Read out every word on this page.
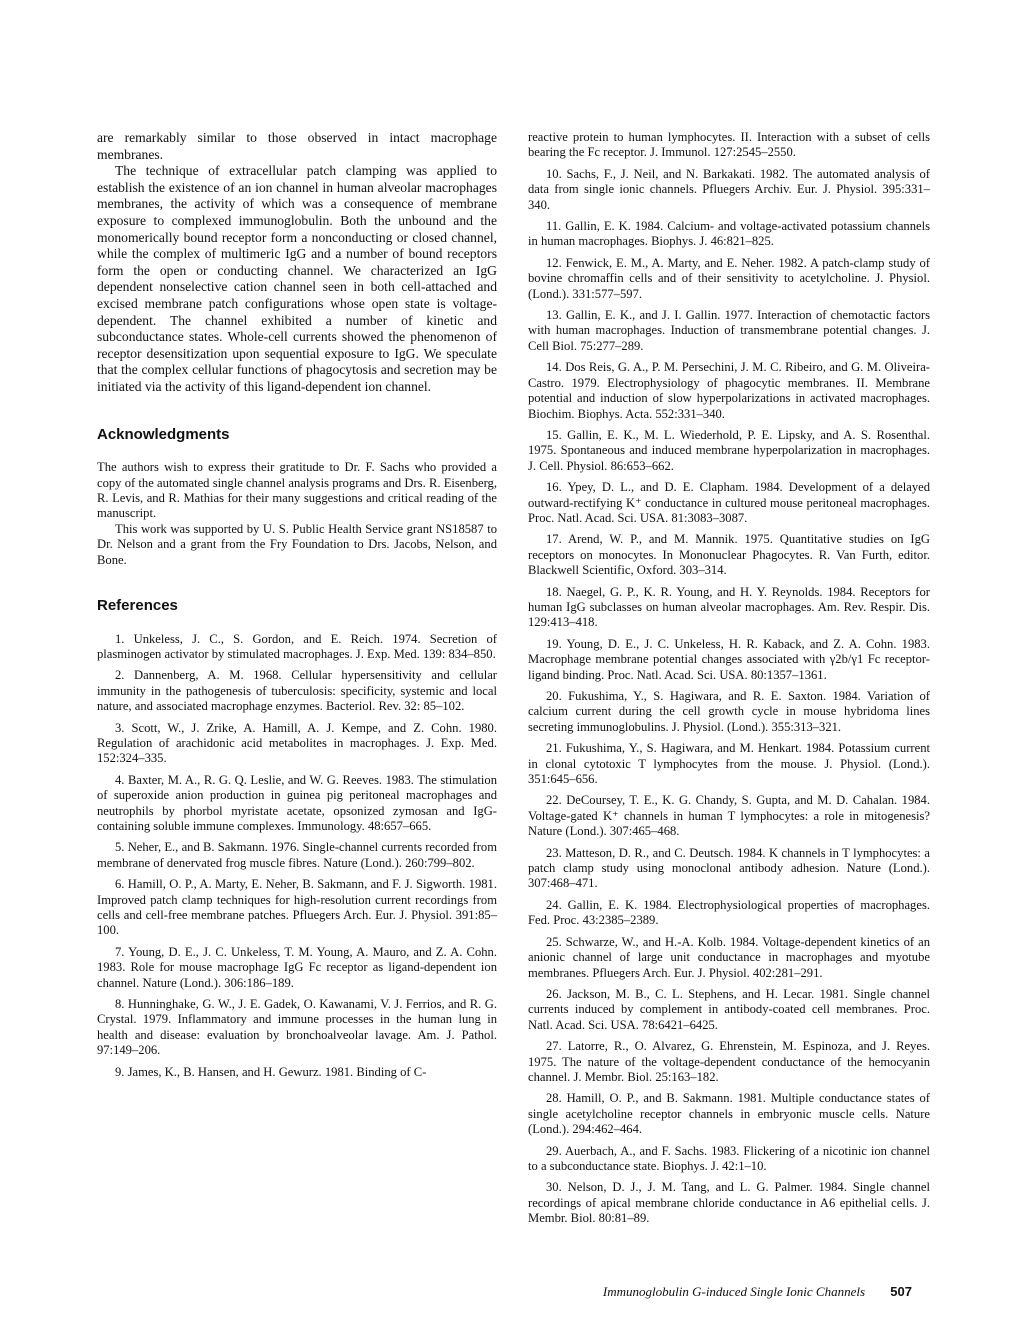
are remarkably similar to those observed in intact macrophage membranes.

The technique of extracellular patch clamping was applied to establish the existence of an ion channel in human alveolar macrophages membranes, the activity of which was a consequence of membrane exposure to complexed immunoglobulin. Both the unbound and the monomerically bound receptor form a nonconducting or closed channel, while the complex of multimeric IgG and a number of bound receptors form the open or conducting channel. We characterized an IgG dependent nonselective cation channel seen in both cell-attached and excised membrane patch configurations whose open state is voltage-dependent. The channel exhibited a number of kinetic and subconductance states. Whole-cell currents showed the phenomenon of receptor desensitization upon sequential exposure to IgG. We speculate that the complex cellular functions of phagocytosis and secretion may be initiated via the activity of this ligand-dependent ion channel.

Acknowledgments

The authors wish to express their gratitude to Dr. F. Sachs who provided a copy of the automated single channel analysis programs and Drs. R. Eisenberg, R. Levis, and R. Mathias for their many suggestions and critical reading of the manuscript.

This work was supported by U. S. Public Health Service grant NS18587 to Dr. Nelson and a grant from the Fry Foundation to Drs. Jacobs, Nelson, and Bone.

References

1. Unkeless, J. C., S. Gordon, and E. Reich. 1974. Secretion of plasminogen activator by stimulated macrophages. J. Exp. Med. 139: 834–850.

2. Dannenberg, A. M. 1968. Cellular hypersensitivity and cellular immunity in the pathogenesis of tuberculosis: specificity, systemic and local nature, and associated macrophage enzymes. Bacteriol. Rev. 32: 85–102.

3. Scott, W., J. Zrike, A. Hamill, A. J. Kempe, and Z. Cohn. 1980. Regulation of arachidonic acid metabolites in macrophages. J. Exp. Med. 152:324–335.

4. Baxter, M. A., R. G. Q. Leslie, and W. G. Reeves. 1983. The stimulation of superoxide anion production in guinea pig peritoneal macrophages and neutrophils by phorbol myristate acetate, opsonized zymosan and IgG-containing soluble immune complexes. Immunology. 48:657–665.

5. Neher, E., and B. Sakmann. 1976. Single-channel currents recorded from membrane of denervated frog muscle fibres. Nature (Lond.). 260:799–802.

6. Hamill, O. P., A. Marty, E. Neher, B. Sakmann, and F. J. Sigworth. 1981. Improved patch clamp techniques for high-resolution current recordings from cells and cell-free membrane patches. Pfluegers Arch. Eur. J. Physiol. 391:85–100.

7. Young, D. E., J. C. Unkeless, T. M. Young, A. Mauro, and Z. A. Cohn. 1983. Role for mouse macrophage IgG Fc receptor as ligand-dependent ion channel. Nature (Lond.). 306:186–189.

8. Hunninghake, G. W., J. E. Gadek, O. Kawanami, V. J. Ferrios, and R. G. Crystal. 1979. Inflammatory and immune processes in the human lung in health and disease: evaluation by bronchoalveolar lavage. Am. J. Pathol. 97:149–206.

9. James, K., B. Hansen, and H. Gewurz. 1981. Binding of C-

reactive protein to human lymphocytes. II. Interaction with a subset of cells bearing the Fc receptor. J. Immunol. 127:2545–2550.

10. Sachs, F., J. Neil, and N. Barkakati. 1982. The automated analysis of data from single ionic channels. Pfluegers Archiv. Eur. J. Physiol. 395:331–340.

11. Gallin, E. K. 1984. Calcium- and voltage-activated potassium channels in human macrophages. Biophys. J. 46:821–825.

12. Fenwick, E. M., A. Marty, and E. Neher. 1982. A patch-clamp study of bovine chromaffin cells and of their sensitivity to acetylcholine. J. Physiol. (Lond.). 331:577–597.

13. Gallin, E. K., and J. I. Gallin. 1977. Interaction of chemotactic factors with human macrophages. Induction of transmembrane potential changes. J. Cell Biol. 75:277–289.

14. Dos Reis, G. A., P. M. Persechini, J. M. C. Ribeiro, and G. M. Oliveira-Castro. 1979. Electrophysiology of phagocytic membranes. II. Membrane potential and induction of slow hyperpolarizations in activated macrophages. Biochim. Biophys. Acta. 552:331–340.

15. Gallin, E. K., M. L. Wiederhold, P. E. Lipsky, and A. S. Rosenthal. 1975. Spontaneous and induced membrane hyperpolarization in macrophages. J. Cell. Physiol. 86:653–662.

16. Ypey, D. L., and D. E. Clapham. 1984. Development of a delayed outward-rectifying K⁺ conductance in cultured mouse peritoneal macrophages. Proc. Natl. Acad. Sci. USA. 81:3083–3087.

17. Arend, W. P., and M. Mannik. 1975. Quantitative studies on IgG receptors on monocytes. In Mononuclear Phagocytes. R. Van Furth, editor. Blackwell Scientific, Oxford. 303–314.

18. Naegel, G. P., K. R. Young, and H. Y. Reynolds. 1984. Receptors for human IgG subclasses on human alveolar macrophages. Am. Rev. Respir. Dis. 129:413–418.

19. Young, D. E., J. C. Unkeless, H. R. Kaback, and Z. A. Cohn. 1983. Macrophage membrane potential changes associated with γ2b/γ1 Fc receptor-ligand binding. Proc. Natl. Acad. Sci. USA. 80:1357–1361.

20. Fukushima, Y., S. Hagiwara, and R. E. Saxton. 1984. Variation of calcium current during the cell growth cycle in mouse hybridoma lines secreting immunoglobulins. J. Physiol. (Lond.). 355:313–321.

21. Fukushima, Y., S. Hagiwara, and M. Henkart. 1984. Potassium current in clonal cytotoxic T lymphocytes from the mouse. J. Physiol. (Lond.). 351:645–656.

22. DeCoursey, T. E., K. G. Chandy, S. Gupta, and M. D. Cahalan. 1984. Voltage-gated K⁺ channels in human T lymphocytes: a role in mitogenesis? Nature (Lond.). 307:465–468.

23. Matteson, D. R., and C. Deutsch. 1984. K channels in T lymphocytes: a patch clamp study using monoclonal antibody adhesion. Nature (Lond.). 307:468–471.

24. Gallin, E. K. 1984. Electrophysiological properties of macrophages. Fed. Proc. 43:2385–2389.

25. Schwarze, W., and H.-A. Kolb. 1984. Voltage-dependent kinetics of an anionic channel of large unit conductance in macrophages and myotube membranes. Pfluegers Arch. Eur. J. Physiol. 402:281–291.

26. Jackson, M. B., C. L. Stephens, and H. Lecar. 1981. Single channel currents induced by complement in antibody-coated cell membranes. Proc. Natl. Acad. Sci. USA. 78:6421–6425.

27. Latorre, R., O. Alvarez, G. Ehrenstein, M. Espinoza, and J. Reyes. 1975. The nature of the voltage-dependent conductance of the hemocyanin channel. J. Membr. Biol. 25:163–182.

28. Hamill, O. P., and B. Sakmann. 1981. Multiple conductance states of single acetylcholine receptor channels in embryonic muscle cells. Nature (Lond.). 294:462–464.

29. Auerbach, A., and F. Sachs. 1983. Flickering of a nicotinic ion channel to a subconductance state. Biophys. J. 42:1–10.

30. Nelson, D. J., J. M. Tang, and L. G. Palmer. 1984. Single channel recordings of apical membrane chloride conductance in A6 epithelial cells. J. Membr. Biol. 80:81–89.

Immunoglobulin G-induced Single Ionic Channels 507
